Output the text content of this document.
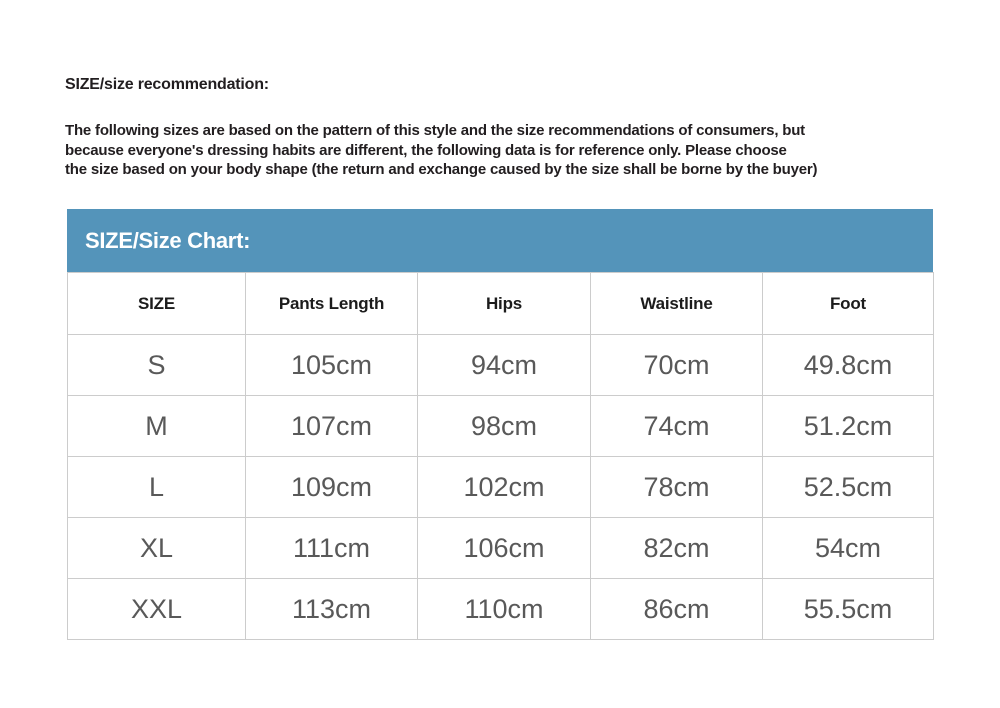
SIZE/size recommendation:
The following sizes are based on the pattern of this style and the size recommendations of consumers, but
because everyone's dressing habits are different, the following data is for reference only. Please choose
the size based on your body shape (the return and exchange caused by the size shall be borne by the buyer)
SIZE/Size Chart:
SIZE	Pants Length	Hips	Waistline	Foot
S	105cm	94cm	70cm	49.8cm
M	107cm	98cm	74cm	51.2cm
L	109cm	102cm	78cm	52.5cm
XL	111cm	106cm	82cm	54cm
XXL	113cm	110cm	86cm	55.5cm
